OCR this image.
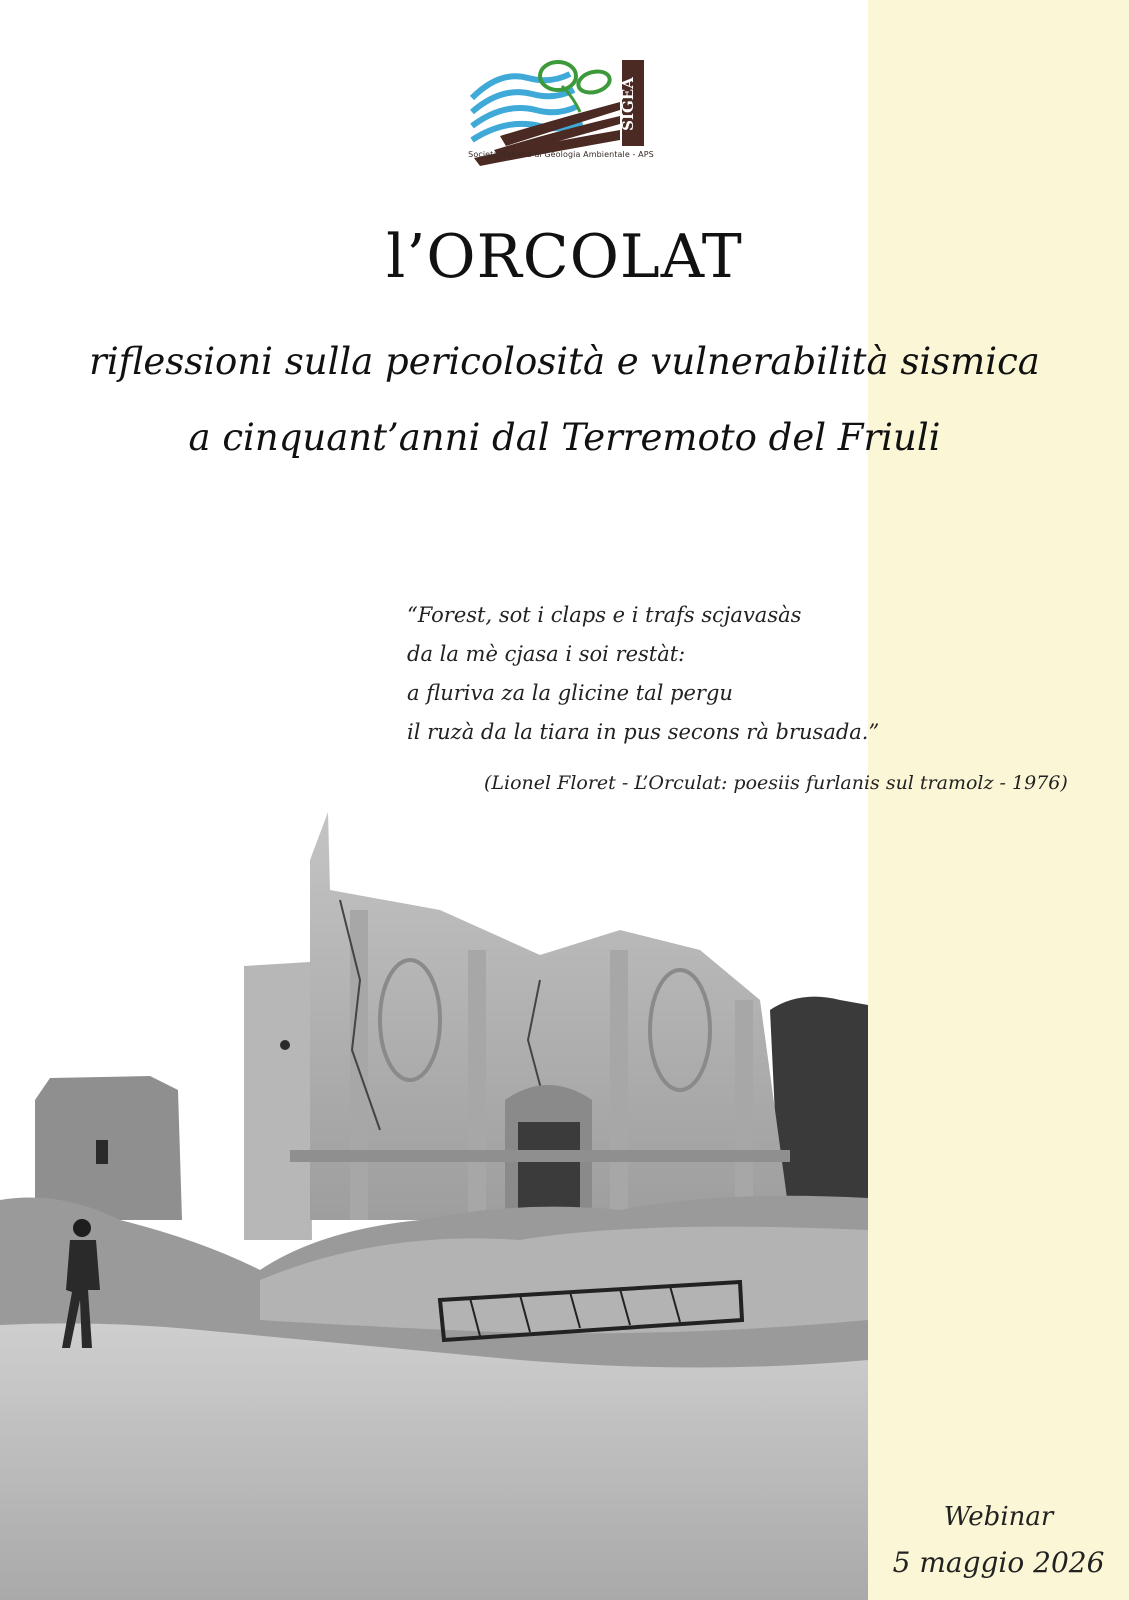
SIGEA
Società Italiana di Geologia Ambientale - APS
l’ORCOLAT
riflessioni sulla pericolosità e vulnerabilità sismica
a cinquant’anni dal Terremoto del Friuli
“Forest, sot i claps e i trafs scjavasàs
da la mè cjasa i soi restàt:
a fluriva za la glicine tal pergu
il ruzà da la tiara in pus secons rà brusada.”
(Lionel Floret - L’Orculat: poesiis furlanis sul tramolz - 1976)
Webinar
5 maggio 2026
